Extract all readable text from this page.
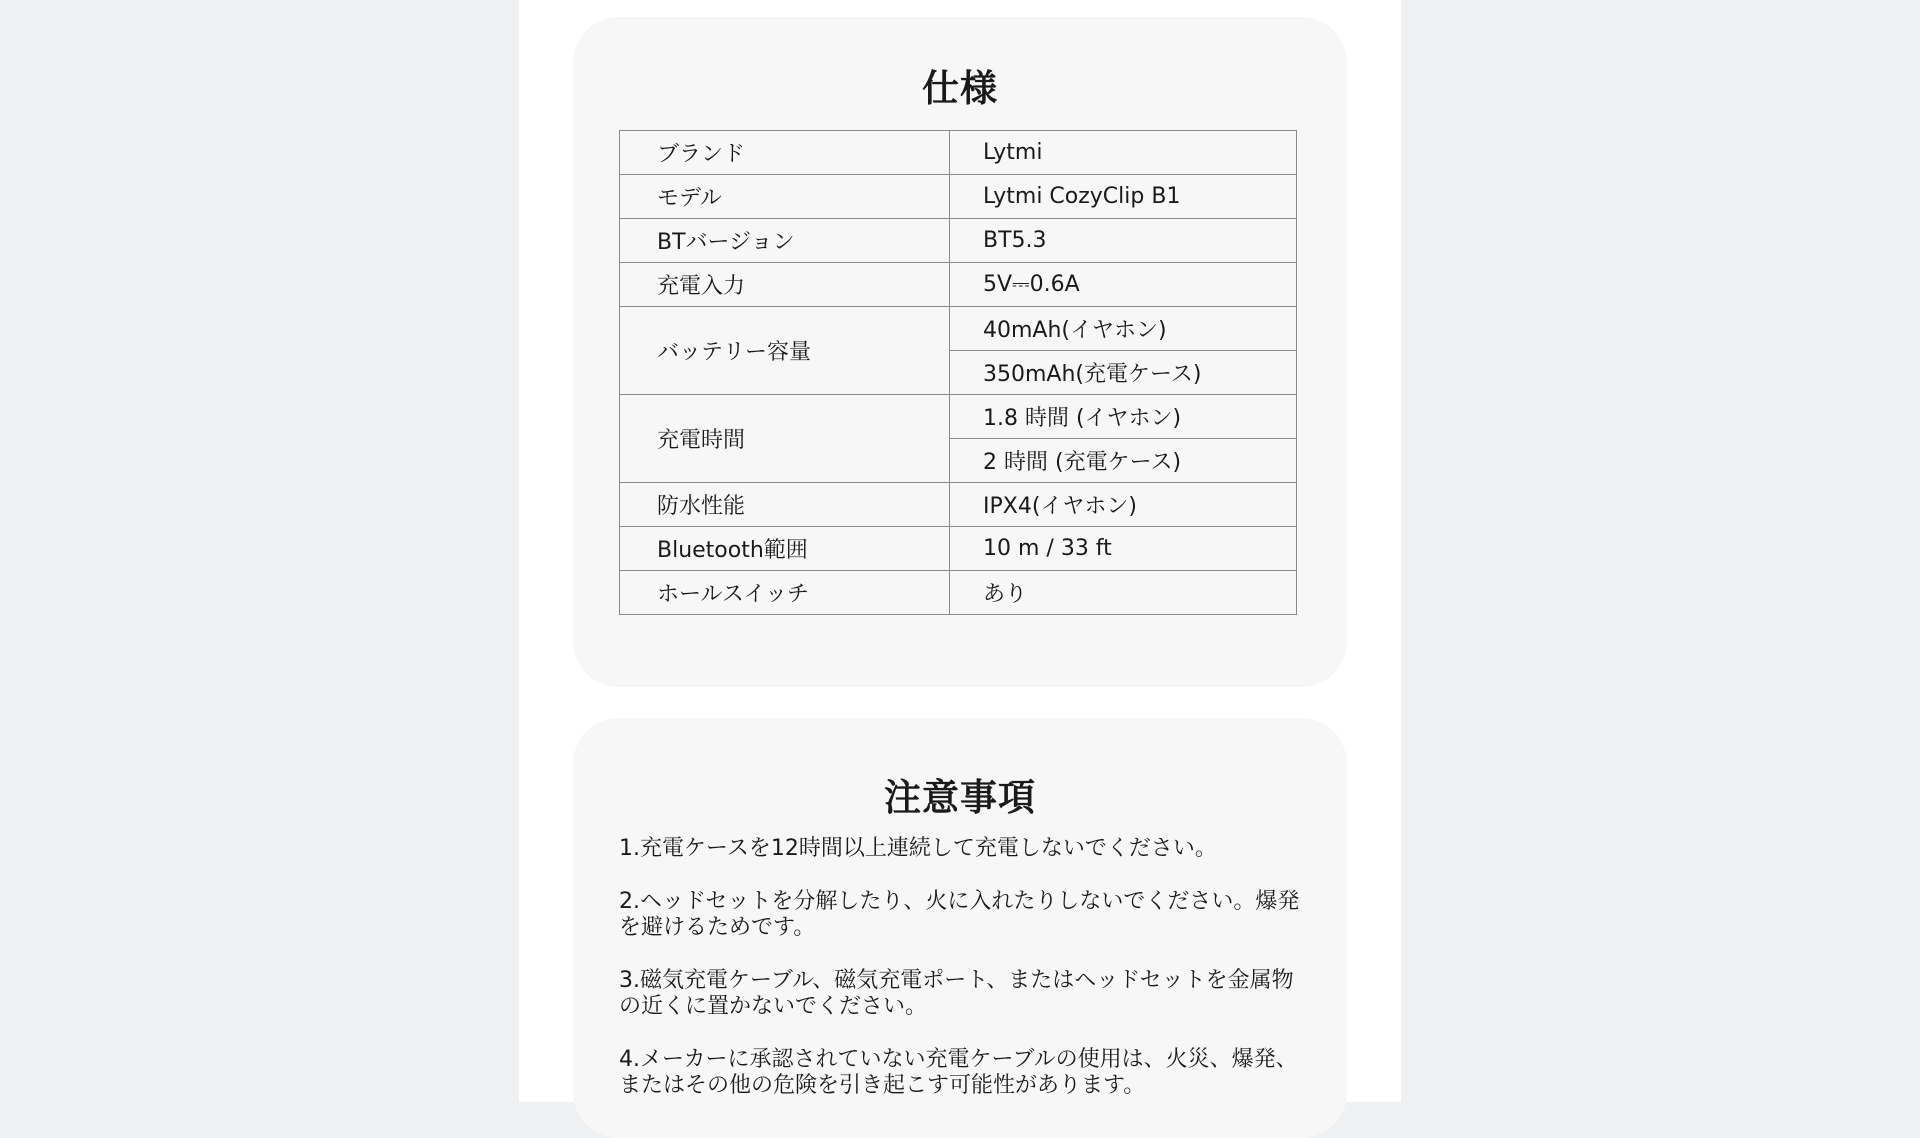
仕様
ブランド	Lytmi
モデル	Lytmi CozyClip B1
BTバージョン	BT5.3
充電入力	5V⎓0.6A
バッテリー容量	40mAh(イヤホン)
	350mAh(充電ケース)
充電時間	1.8 時間 (イヤホン)
	2 時間 (充電ケース)
防水性能	IPX4(イヤホン)
Bluetooth範囲	10 m / 33 ft
ホールスイッチ	あり
注意事項

1.充電ケースを12時間以上連続して充電しないでください。

2.ヘッドセットを分解したり、火に入れたりしないでください。爆発を避けるためです。

3.磁気充電ケーブル、磁気充電ポート、またはヘッドセットを金属物の近くに置かないでください。

4.メーカーに承認されていない充電ケーブルの使用は、火災、爆発、またはその他の危険を引き起こす可能性があります。
